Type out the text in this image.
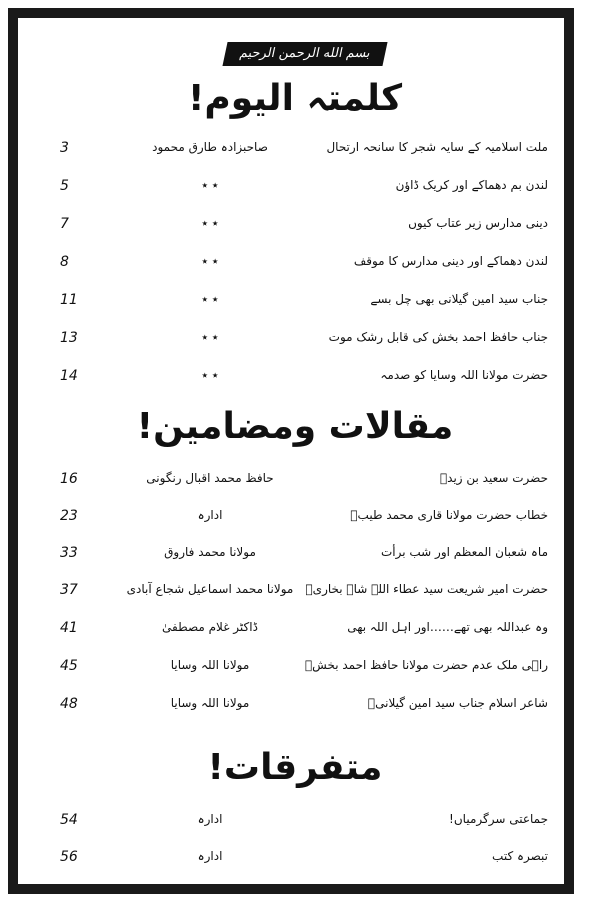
بسم الله الرحمن الرحيم
کلمتہ الیوم!
مقالات ومضامین!
متفرقات!
3	صاحبزادہ طارق محمود	ملت اسلامیہ کے سایہ شجر کا سانحہ ارتحال
5	٭ ٭	لندن بم دھماکے اور کریک ڈاؤن
7	٭ ٭	دینی مدارس زیر عتاب کیوں
8	٭ ٭	لندن دھماکے اور دینی مدارس کا موقف
11	٭ ٭	جناب سید امین گیلانی بھی چل بسے
13	٭ ٭	جناب حافظ احمد بخش کی قابل رشک موت
14	٭ ٭	حضرت مولانا اللہ وسایا کو صدمہ
16	حافظ محمد اقبال رنگونی	حضرت سعید بن زیدؓ
23	ادارہ	خطاب حضرت مولانا قاری محمد طیبؒ
33	مولانا محمد فاروق	ماہ شعبان المعظم اور شب برأت
37	مولانا محمد اسماعیل شجاع آبادی	حضرت امیر شریعت سید عطاء اللہ شاہ بخاریؒ
41	ڈاکٹر غلام مصطفیٰ	وہ عبداللہ بھی تھے……اور اہل اللہ بھی
45	مولانا اللہ وسایا	راہی ملک عدم حضرت مولانا حافظ احمد بخشؒ
48	مولانا اللہ وسایا	شاعر اسلام جناب سید امین گیلانیؒ
54	ادارہ	جماعتی سرگرمیاں!
56	ادارہ	تبصرہ کتب
